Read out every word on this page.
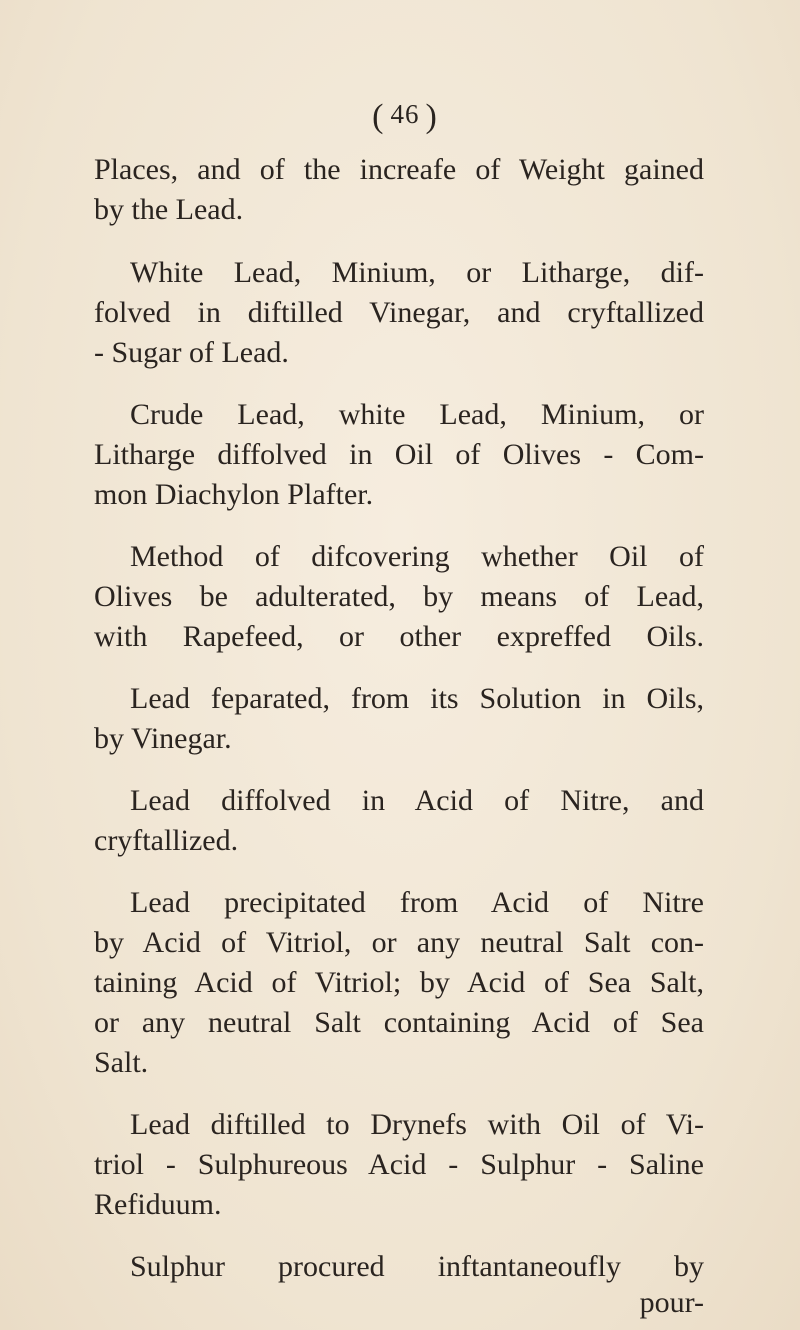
( 46 )
Places, and of the increafe of Weight gained
by the Lead.
White Lead, Minium, or Litharge, dif-
folved in diftilled Vinegar, and cryftallized
- Sugar of Lead.
Crude Lead, white Lead, Minium, or
Litharge diffolved in Oil of Olives - Com-
mon Diachylon Plafter.
Method of difcovering whether Oil of
Olives be adulterated, by means of Lead,
with Rapefeed, or other expreffed Oils.
Lead feparated, from its Solution in Oils,
by Vinegar.
Lead diffolved in Acid of Nitre, and
cryftallized.
Lead precipitated from Acid of Nitre
by Acid of Vitriol, or any neutral Salt con-
taining Acid of Vitriol; by Acid of Sea Salt,
or any neutral Salt containing Acid of Sea
Salt.
Lead diftilled to Drynefs with Oil of Vi-
triol - Sulphureous Acid - Sulphur - Saline
Refiduum.
Sulphur procured inftantaneoufly by
pour-
